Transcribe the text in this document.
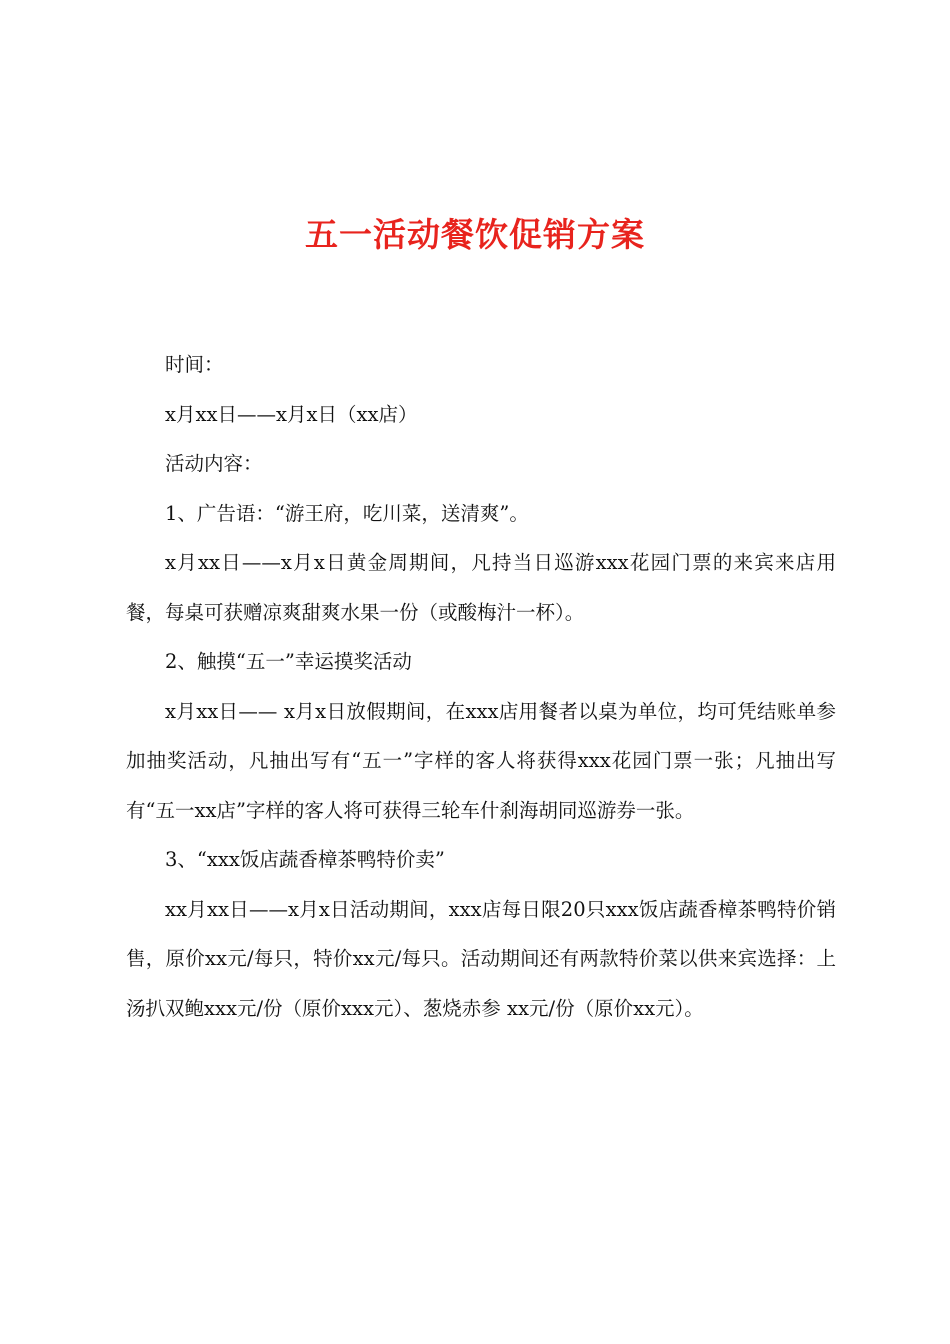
五一活动餐饮促销方案

时间：

x月xx日——x月x日（xx店）

活动内容：

1、广告语：“游王府，吃川菜，送清爽”。

x月xx日——x月x日黄金周期间，凡持当日巡游xxx花园门票的来宾来店用餐，每桌可获赠凉爽甜爽水果一份（或酸梅汁一杯）。

2、触摸“五一”幸运摸奖活动

x月xx日—— x月x日放假期间，在xxx店用餐者以桌为单位，均可凭结账单参加抽奖活动，凡抽出写有“五一”字样的客人将获得xxx花园门票一张；凡抽出写有“五一xx店”字样的客人将可获得三轮车什刹海胡同巡游券一张。

3、“xxx饭店蔬香樟茶鸭特价卖”

xx月xx日——x月x日活动期间，xxx店每日限20只xxx饭店蔬香樟茶鸭特价销售，原价xx元/每只，特价xx元/每只。活动期间还有两款特价菜以供来宾选择：上汤扒双鲍xxx元/份（原价xxx元）、葱烧赤参 xx元/份（原价xx元）。
